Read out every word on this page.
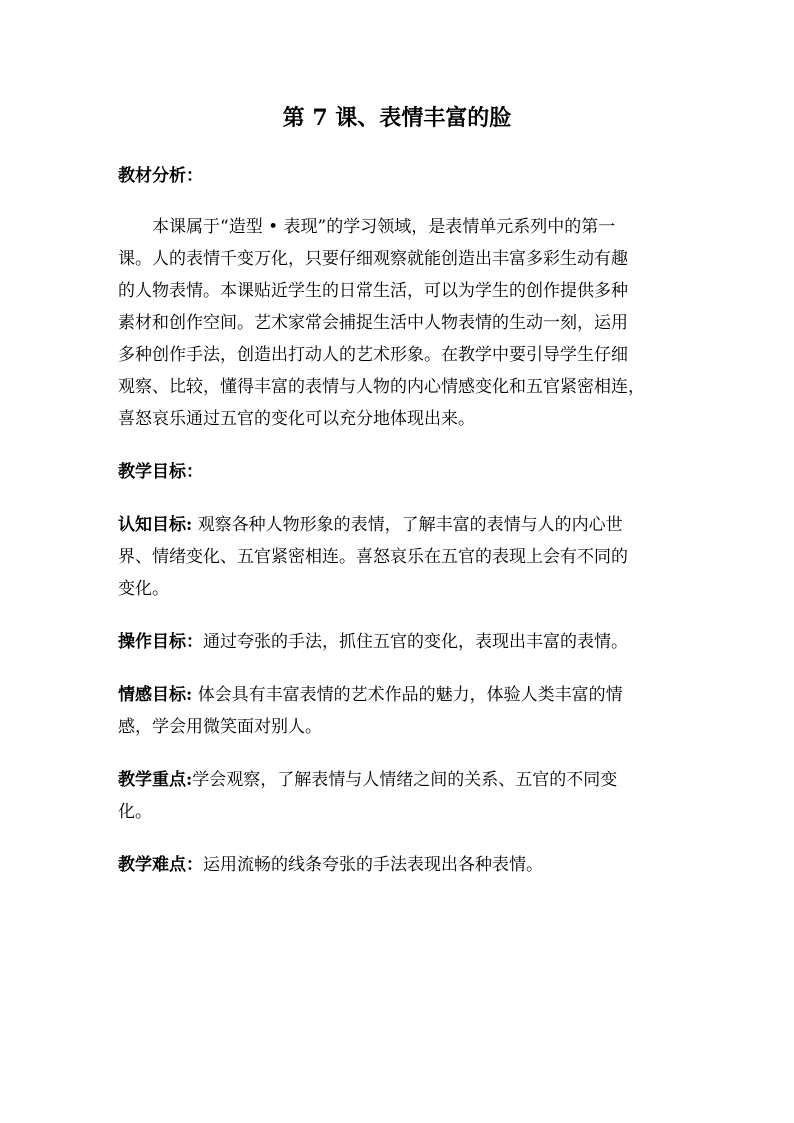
第 7 课、表情丰富的脸
教材分析：
本课属于“造型 • 表现”的学习领域，是表情单元系列中的第一
课。人的表情千变万化，只要仔细观察就能创造出丰富多彩生动有趣
的人物表情。本课贴近学生的日常生活，可以为学生的创作提供多种
素材和创作空间。艺术家常会捕捉生活中人物表情的生动一刻，运用
多种创作手法，创造出打动人的艺术形象。在教学中要引导学生仔细
观察、比较，懂得丰富的表情与人物的内心情感变化和五官紧密相连，
喜怒哀乐通过五官的变化可以充分地体现出来。
教学目标：
认知目标: 观察各种人物形象的表情，了解丰富的表情与人的内心世
界、情绪变化、五官紧密相连。喜怒哀乐在五官的表现上会有不同的
变化。
操作目标：通过夸张的手法，抓住五官的变化，表现出丰富的表情。
情感目标: 体会具有丰富表情的艺术作品的魅力，体验人类丰富的情
感，学会用微笑面对别人。
教学重点:学会观察，了解表情与人情绪之间的关系、五官的不同变
化。
教学难点：运用流畅的线条夸张的手法表现出各种表情。
